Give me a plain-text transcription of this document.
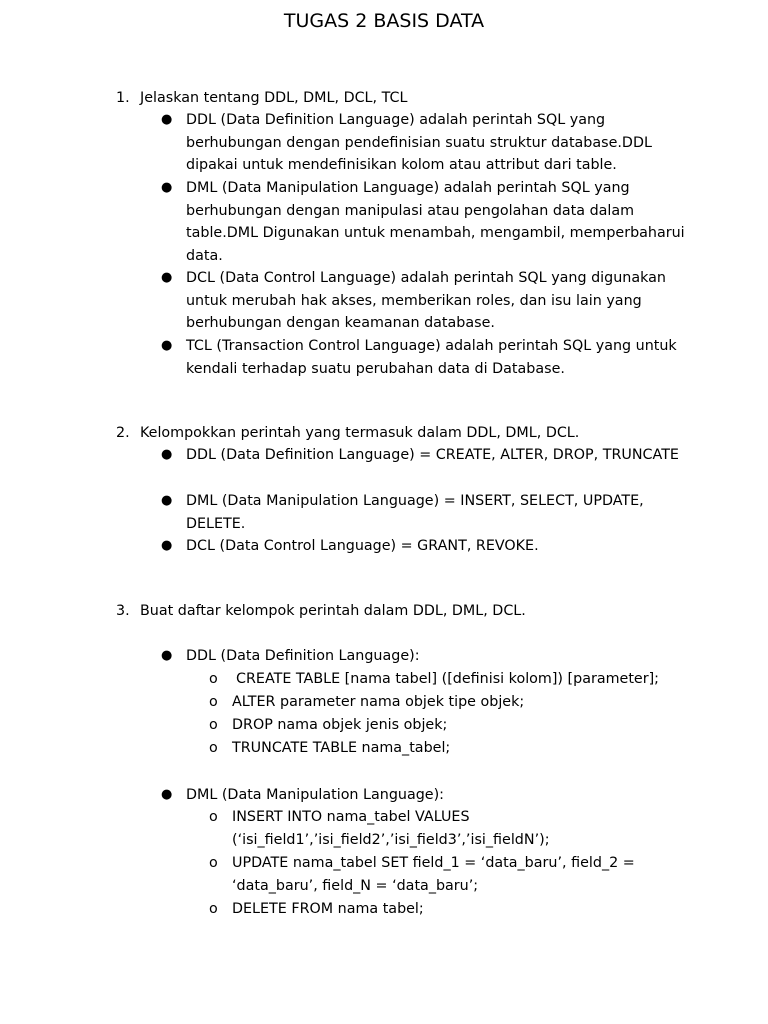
TUGAS 2 BASIS DATA
1. Jelaskan tentang DDL, DML, DCL, TCL
● DDL (Data Definition Language) adalah perintah SQL yang berhubungan dengan pendefinisian suatu struktur database.DDL dipakai untuk mendefinisikan kolom atau attribut dari table.
● DML (Data Manipulation Language) adalah perintah SQL yang berhubungan dengan manipulasi atau pengolahan data dalam table.DML Digunakan untuk menambah, mengambil, memperbaharui data.
● DCL (Data Control Language) adalah perintah SQL yang digunakan untuk merubah hak akses, memberikan roles, dan isu lain yang berhubungan dengan keamanan database.
● TCL (Transaction Control Language) adalah perintah SQL yang untuk kendali terhadap suatu perubahan data di Database.
2. Kelompokkan perintah yang termasuk dalam DDL, DML, DCL.
● DDL (Data Definition Language) = CREATE, ALTER, DROP, TRUNCATE
● DML (Data Manipulation Language) = INSERT, SELECT, UPDATE, DELETE.
● DCL (Data Control Language) = GRANT, REVOKE.
3. Buat daftar kelompok perintah dalam DDL, DML, DCL.
● DDL (Data Definition Language):
o CREATE TABLE [nama tabel] ([definisi kolom]) [parameter];
o ALTER parameter nama objek tipe objek;
o DROP nama objek jenis objek;
o TRUNCATE TABLE nama_tabel;
● DML (Data Manipulation Language):
o INSERT INTO nama_tabel VALUES (‘isi_field1’,’isi_field2’,’isi_field3’,’isi_fieldN’);
o UPDATE nama_tabel SET field_1 = ‘data_baru’, field_2 = ‘data_baru’, field_N = ‘data_baru’;
o DELETE FROM nama tabel;
